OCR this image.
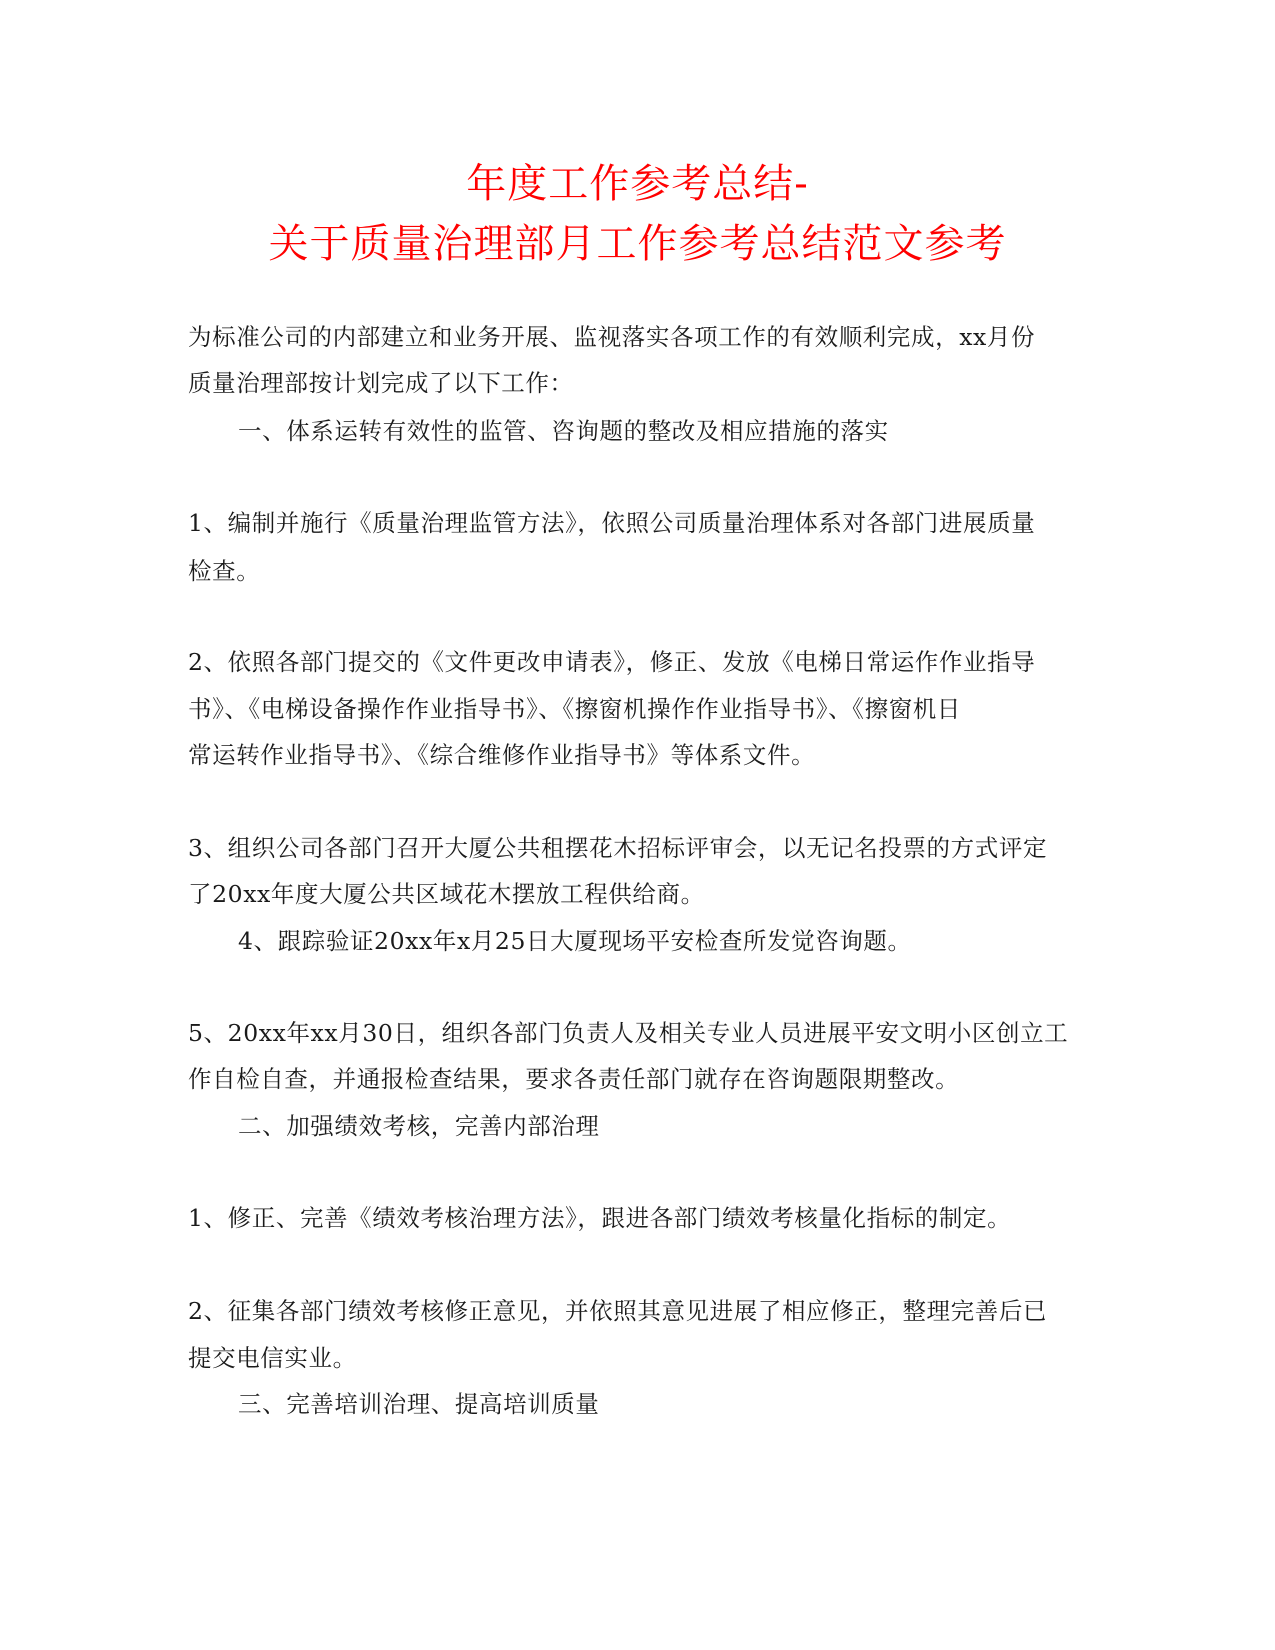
年度工作参考总结-
关于质量治理部月工作参考总结范文参考
为标准公司的内部建立和业务开展、监视落实各项工作的有效顺利完成，xx月份
质量治理部按计划完成了以下工作：
一、体系运转有效性的监管、咨询题的整改及相应措施的落实
1、编制并施行《质量治理监管方法》，依照公司质量治理体系对各部门进展质量
检查。
2、依照各部门提交的《文件更改申请表》，修正、发放《电梯日常运作作业指导
书》、《电梯设备操作作业指导书》、《擦窗机操作作业指导书》、《擦窗机日
常运转作业指导书》、《综合维修作业指导书》等体系文件。
3、组织公司各部门召开大厦公共租摆花木招标评审会，以无记名投票的方式评定
了20xx年度大厦公共区域花木摆放工程供给商。
4、跟踪验证20xx年x月25日大厦现场平安检查所发觉咨询题。
5、20xx年xx月30日，组织各部门负责人及相关专业人员进展平安文明小区创立工
作自检自查，并通报检查结果，要求各责任部门就存在咨询题限期整改。
二、加强绩效考核，完善内部治理
1、修正、完善《绩效考核治理方法》，跟进各部门绩效考核量化指标的制定。
2、征集各部门绩效考核修正意见，并依照其意见进展了相应修正，整理完善后已
提交电信实业。
三、完善培训治理、提高培训质量
